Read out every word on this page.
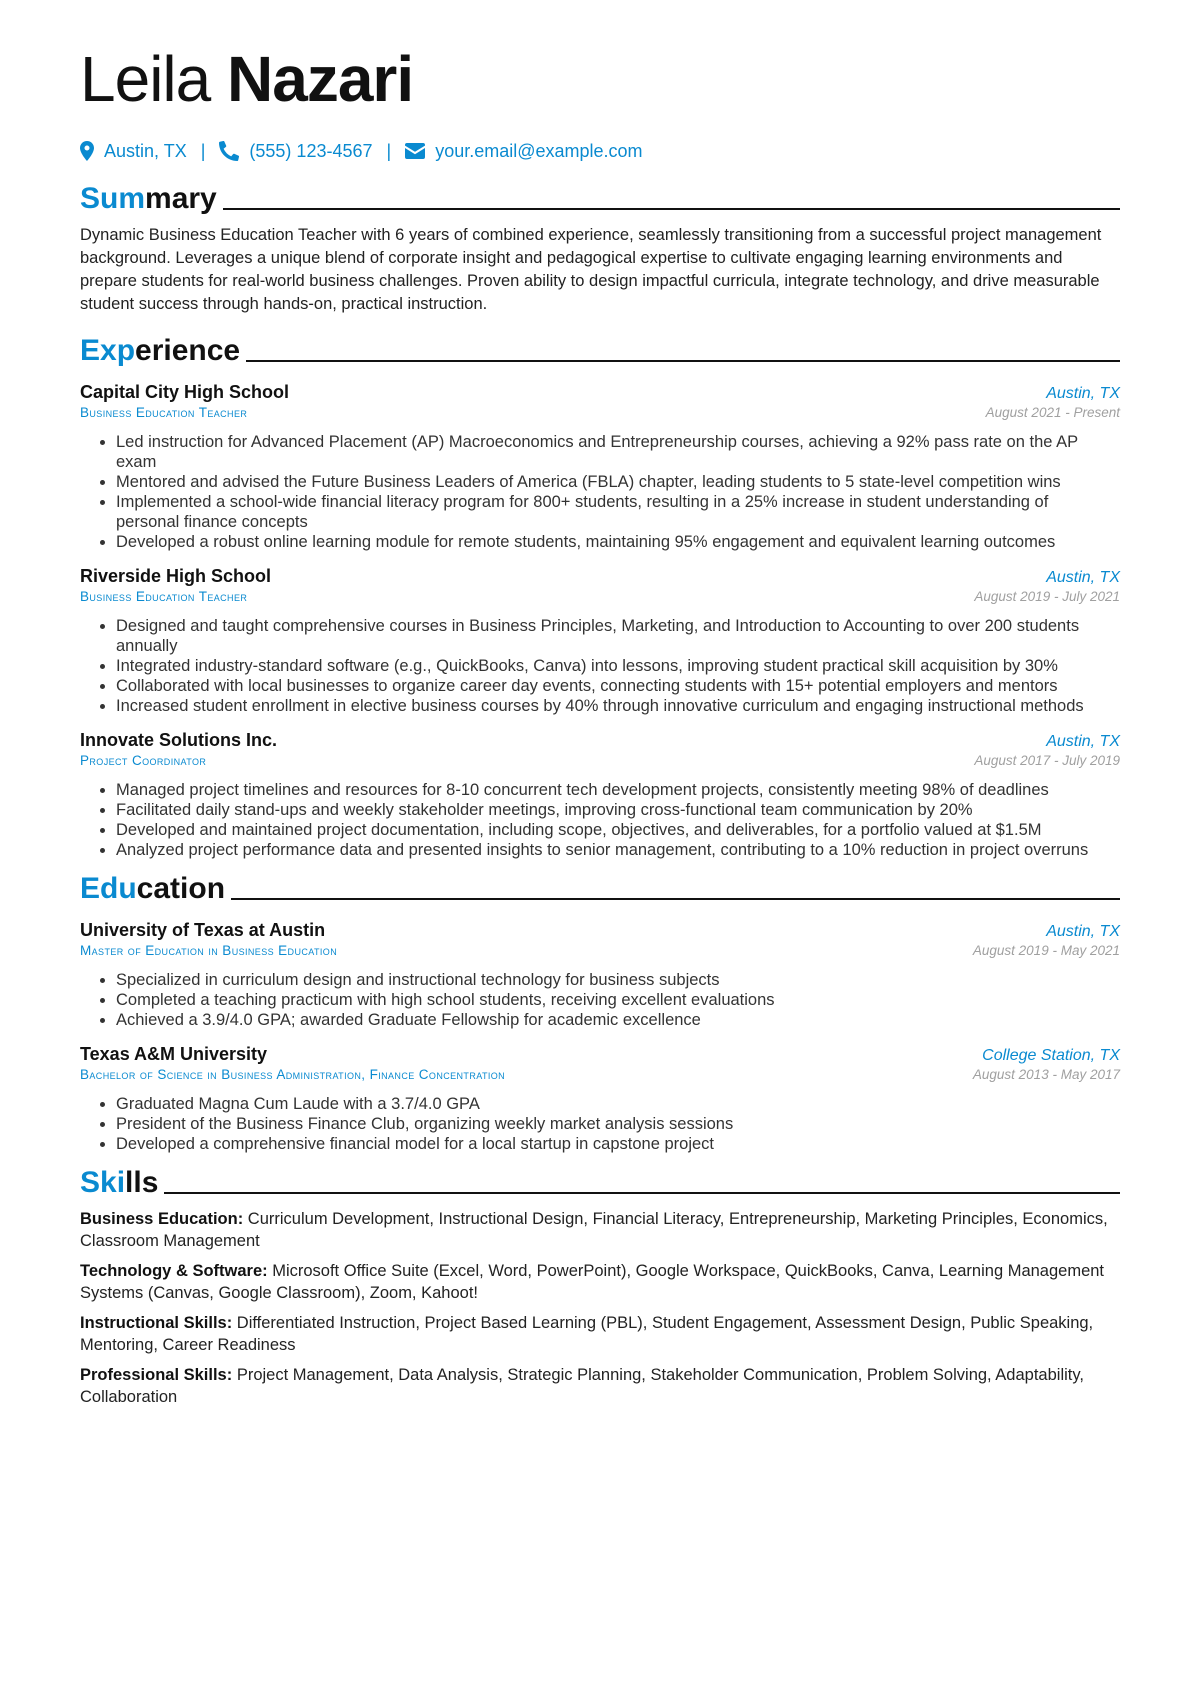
Leila Nazari
Austin, TX | (555) 123-4567 | your.email@example.com
Summary
Dynamic Business Education Teacher with 6 years of combined experience, seamlessly transitioning from a successful project management background. Leverages a unique blend of corporate insight and pedagogical expertise to cultivate engaging learning environments and prepare students for real-world business challenges. Proven ability to design impactful curricula, integrate technology, and drive measurable student success through hands-on, practical instruction.
Experience
Capital City High School	Austin, TX
Business Education Teacher	August 2021 - Present
• Led instruction for Advanced Placement (AP) Macroeconomics and Entrepreneurship courses, achieving a 92% pass rate on the AP exam
• Mentored and advised the Future Business Leaders of America (FBLA) chapter, leading students to 5 state-level competition wins
• Implemented a school-wide financial literacy program for 800+ students, resulting in a 25% increase in student understanding of personal finance concepts
• Developed a robust online learning module for remote students, maintaining 95% engagement and equivalent learning outcomes
Riverside High School	Austin, TX
Business Education Teacher	August 2019 - July 2021
• Designed and taught comprehensive courses in Business Principles, Marketing, and Introduction to Accounting to over 200 students annually
• Integrated industry-standard software (e.g., QuickBooks, Canva) into lessons, improving student practical skill acquisition by 30%
• Collaborated with local businesses to organize career day events, connecting students with 15+ potential employers and mentors
• Increased student enrollment in elective business courses by 40% through innovative curriculum and engaging instructional methods
Innovate Solutions Inc.	Austin, TX
Project Coordinator	August 2017 - July 2019
• Managed project timelines and resources for 8-10 concurrent tech development projects, consistently meeting 98% of deadlines
• Facilitated daily stand-ups and weekly stakeholder meetings, improving cross-functional team communication by 20%
• Developed and maintained project documentation, including scope, objectives, and deliverables, for a portfolio valued at $1.5M
• Analyzed project performance data and presented insights to senior management, contributing to a 10% reduction in project overruns
Education
University of Texas at Austin	Austin, TX
Master of Education in Business Education	August 2019 - May 2021
• Specialized in curriculum design and instructional technology for business subjects
• Completed a teaching practicum with high school students, receiving excellent evaluations
• Achieved a 3.9/4.0 GPA; awarded Graduate Fellowship for academic excellence
Texas A&M University	College Station, TX
Bachelor of Science in Business Administration, Finance Concentration	August 2013 - May 2017
• Graduated Magna Cum Laude with a 3.7/4.0 GPA
• President of the Business Finance Club, organizing weekly market analysis sessions
• Developed a comprehensive financial model for a local startup in capstone project
Skills
Business Education: Curriculum Development, Instructional Design, Financial Literacy, Entrepreneurship, Marketing Principles, Economics, Classroom Management
Technology & Software: Microsoft Office Suite (Excel, Word, PowerPoint), Google Workspace, QuickBooks, Canva, Learning Management Systems (Canvas, Google Classroom), Zoom, Kahoot!
Instructional Skills: Differentiated Instruction, Project Based Learning (PBL), Student Engagement, Assessment Design, Public Speaking, Mentoring, Career Readiness
Professional Skills: Project Management, Data Analysis, Strategic Planning, Stakeholder Communication, Problem Solving, Adaptability, Collaboration
